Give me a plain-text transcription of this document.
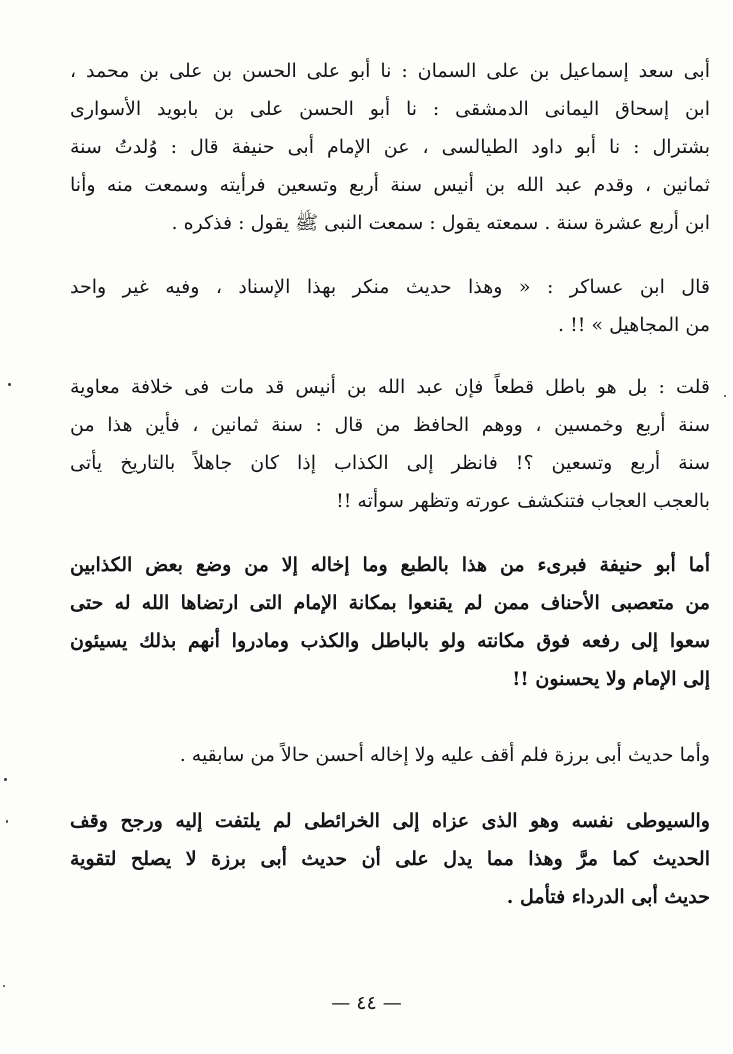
أبى سعد إسماعيل بن على السمان : نا أبو على الحسن بن على بن محمد ،
ابن إسحاق اليمانى الدمشقى : نا أبو الحسن على بن بابويد الأسوارى
بشترال : نا أبو داود الطيالسى ، عن الإمام أبى حنيفة قال : وُلدتُ سنة
ثمانين ، وقدم عبد الله بن أنيس سنة أربع وتسعين فرأيته وسمعت منه وأنا
ابن أربع عشرة سنة . سمعته يقول : سمعت النبى ﷺ يقول : فذكره .
قال ابن عساكر : « وهذا حديث منكر بهذا الإسناد ، وفيه غير واحد
من المجاهيل » !! .
قلت : بل هو باطل قطعاً فإن عبد الله بن أنيس قد مات فى خلافة معاوية
سنة أربع وخمسين ، ووهم الحافظ من قال : سنة ثمانين ، فأين هذا من
سنة أربع وتسعين ؟! فانظر إلى الكذاب إذا كان جاهلاً بالتاريخ يأتى
بالعجب العجاب فتنكشف عورته وتظهر سوأته !!
أما أبو حنيفة فبرىء من هذا بالطبع وما إخاله إلا من وضع بعض الكذابين
من متعصبى الأحناف ممن لم يقنعوا بمكانة الإمام التى ارتضاها الله له حتى
سعوا إلى رفعه فوق مكانته ولو بالباطل والكذب ومادروا أنهم بذلك يسيئون
إلى الإمام ولا يحسنون !!
وأما حديث أبى برزة فلم أقف عليه ولا إخاله أحسن حالاً من سابقيه .
والسيوطى نفسه وهو الذى عزاه إلى الخرائطى لم يلتفت إليه ورجح وقف
الحديث كما مرَّ وهذا مما يدل على أن حديث أبى برزة لا يصلح لتقوية
حديث أبى الدرداء فتأمل .
— ٤٤ —
